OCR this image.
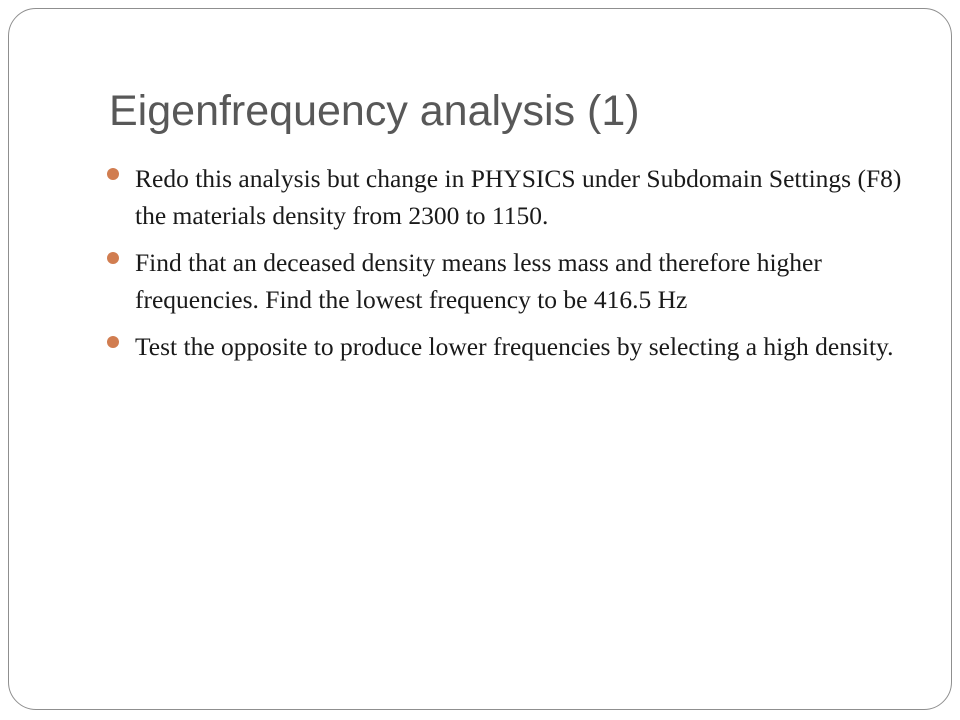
Eigenfrequency analysis (1)
Redo this analysis but change in PHYSICS under Subdomain Settings (F8) the materials density from 2300 to 1150.
Find that an deceased density means less mass and therefore higher frequencies. Find the lowest frequency to be 416.5 Hz
Test the opposite to produce lower frequencies by selecting a high density.
